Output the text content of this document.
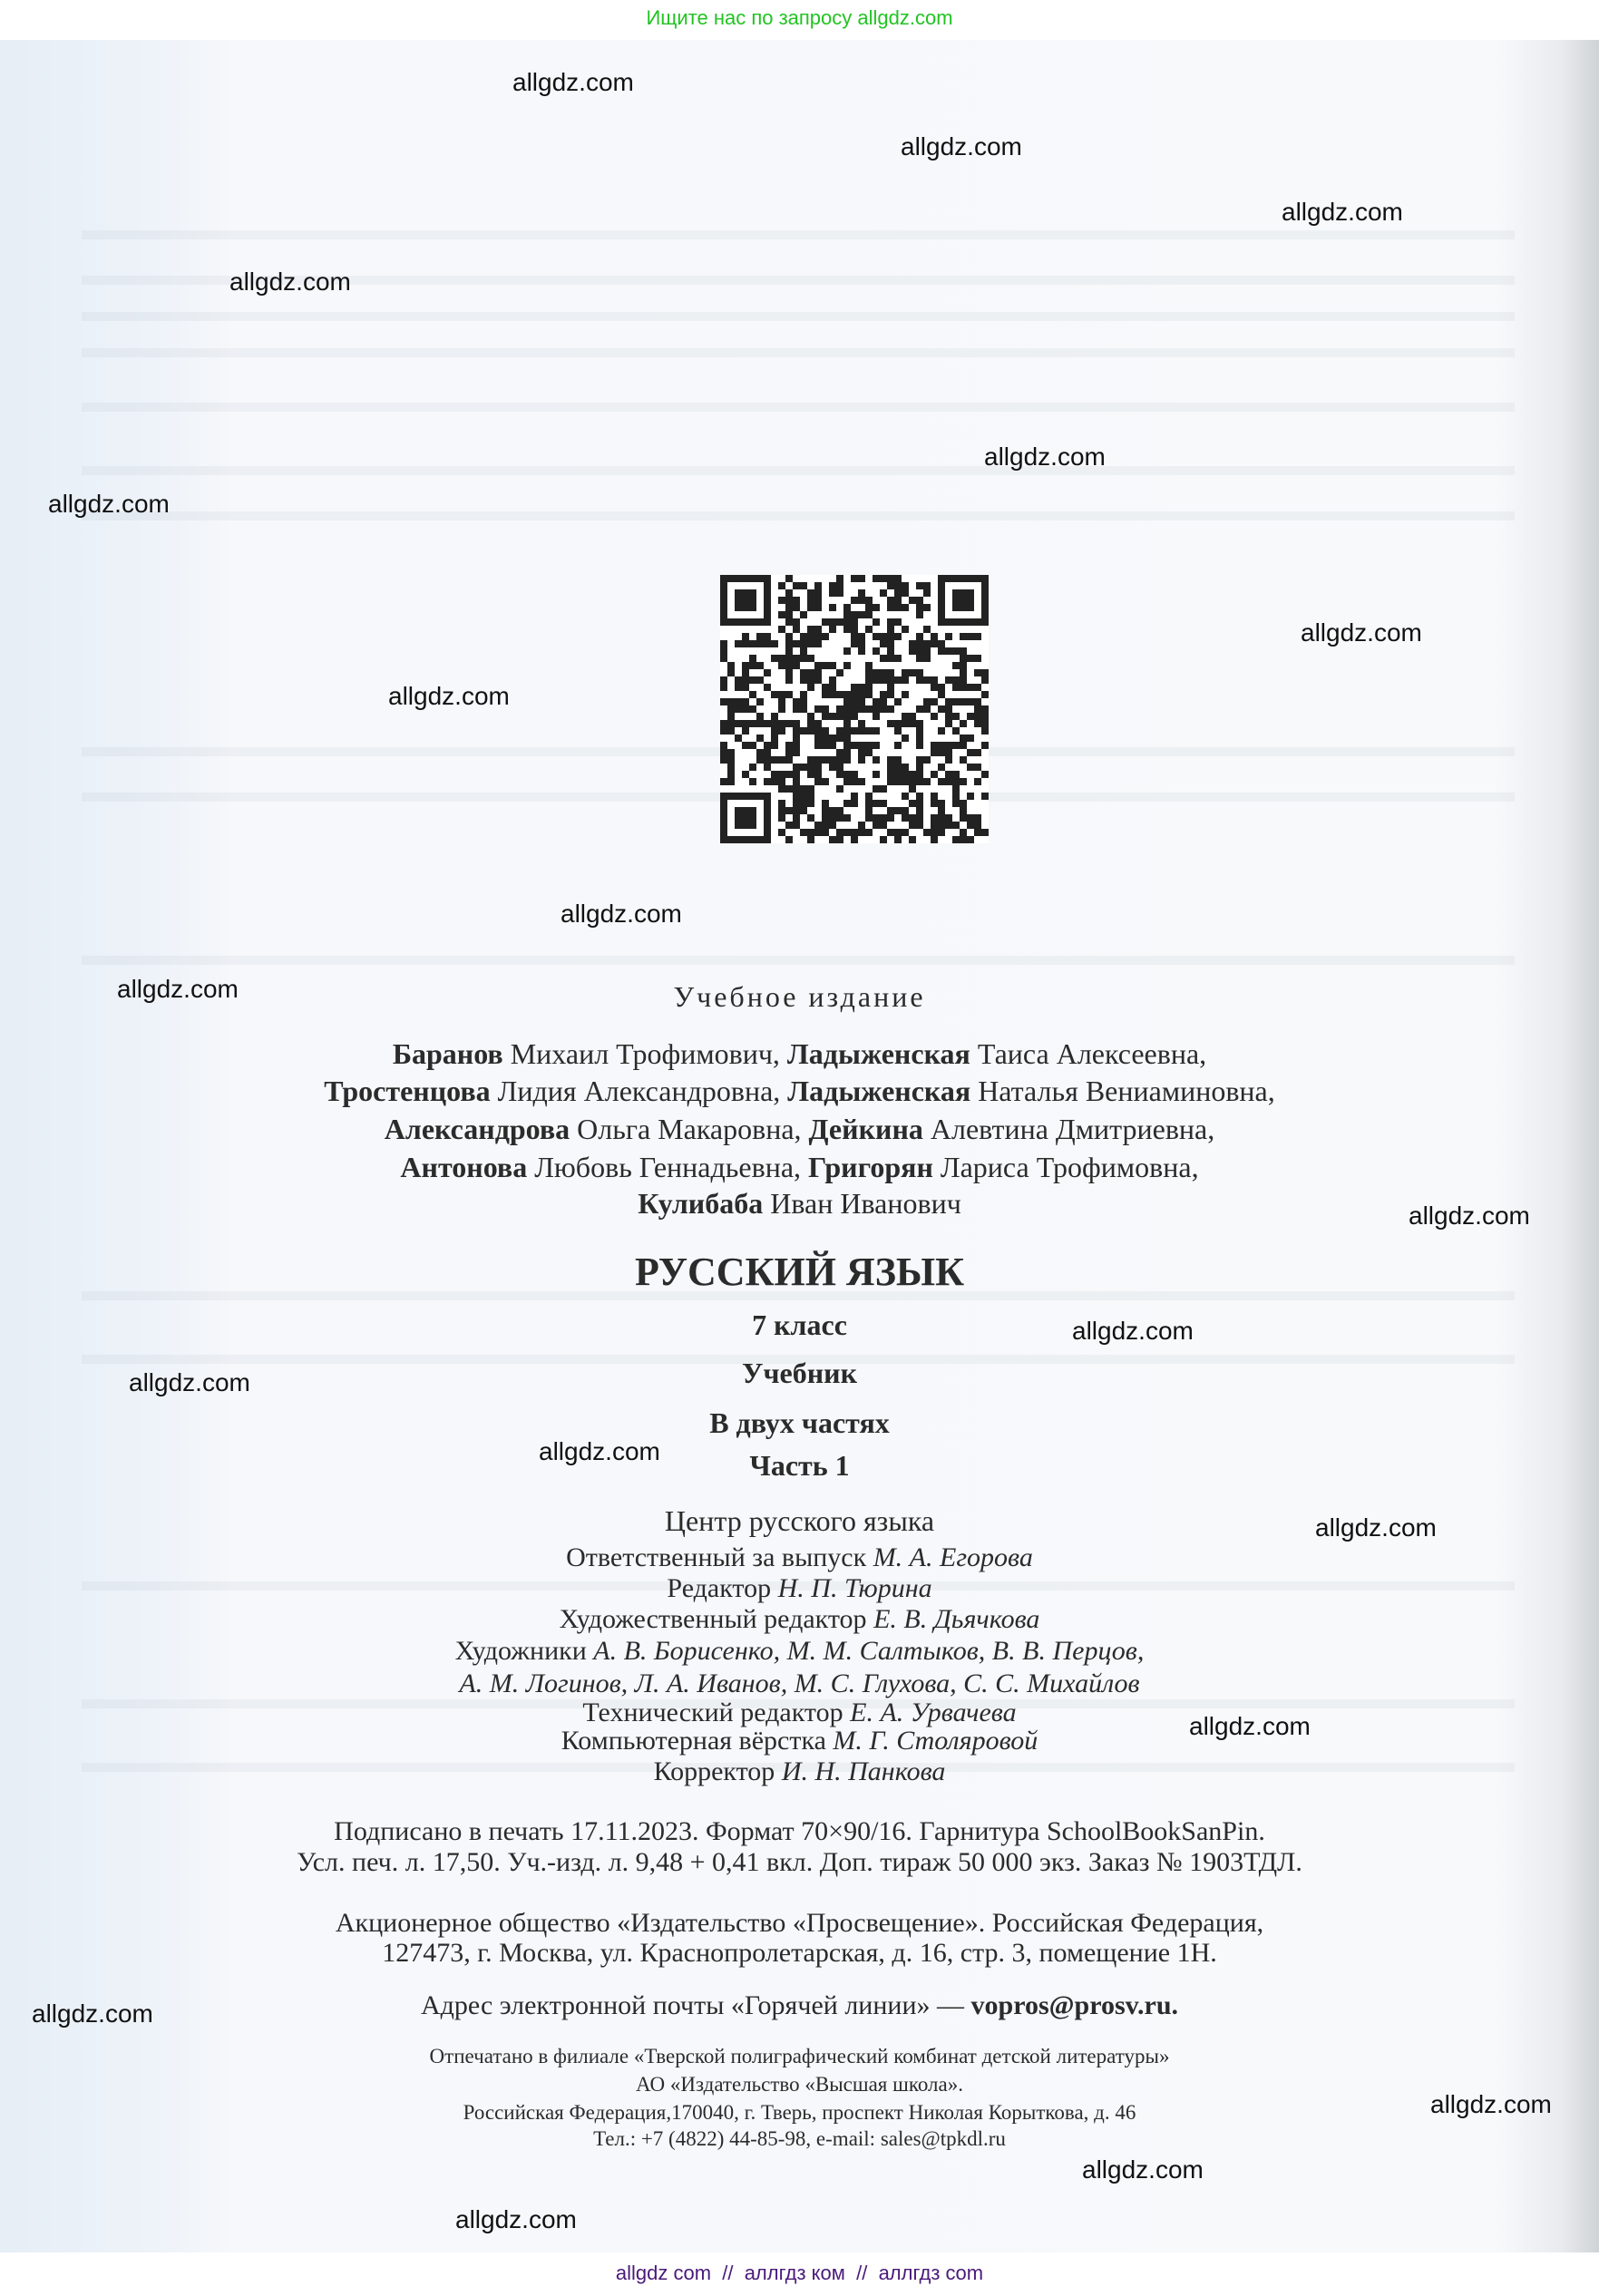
Ищите нас по запросу allgdz.com
allgdz.com
allgdz.com
allgdz.com
allgdz.com
allgdz.com
allgdz.com
allgdz.com
allgdz.com
allgdz.com
allgdz.com
allgdz.com
allgdz.com
allgdz.com
allgdz.com
allgdz.com
allgdz.com
allgdz.com
allgdz.com
allgdz.com
allgdz.com
Учебное издание
Баранов Михаил Трофимович, Ладыженская Таиса Алексеевна,
Тростенцова Лидия Александровна, Ладыженская Наталья Вениаминовна,
Александрова Ольга Макаровна, Дейкина Алевтина Дмитриевна,
Антонова Любовь Геннадьевна, Григорян Лариса Трофимовна,
Кулибаба Иван Иванович
РУССКИЙ ЯЗЫК
7 класс
Учебник
В двух частях
Часть 1
Центр русского языка
Ответственный за выпуск М. А. Егорова
Редактор Н. П. Тюрина
Художественный редактор Е. В. Дьячкова
Художники А. В. Борисенко, М. М. Салтыков, В. В. Перцов,
А. М. Логинов, Л. А. Иванов, М. С. Глухова, С. С. Михайлов
Технический редактор Е. А. Урвачева
Компьютерная вёрстка М. Г. Столяровой
Корректор И. Н. Панкова
Подписано в печать 17.11.2023. Формат 70×90/16. Гарнитура SchoolBookSanPin.
Усл. печ. л. 17,50. Уч.-изд. л. 9,48 + 0,41 вкл. Доп. тираж 50 000 экз. Заказ № 1903ТДЛ.
Акционерное общество «Издательство «Просвещение». Российская Федерация,
127473, г. Москва, ул. Краснопролетарская, д. 16, стр. 3, помещение 1Н.
Адрес электронной почты «Горячей линии» — vopros@prosv.ru.
Отпечатано в филиале «Тверской полиграфический комбинат детской литературы»
АО «Издательство «Высшая школа».
Российская Федерация,170040, г. Тверь, проспект Николая Корыткова, д. 46
Тел.: +7 (4822) 44-85-98, e-mail: sales@tpkdl.ru
allgdz com  //  аллгдз ком  //  аллгдз com
